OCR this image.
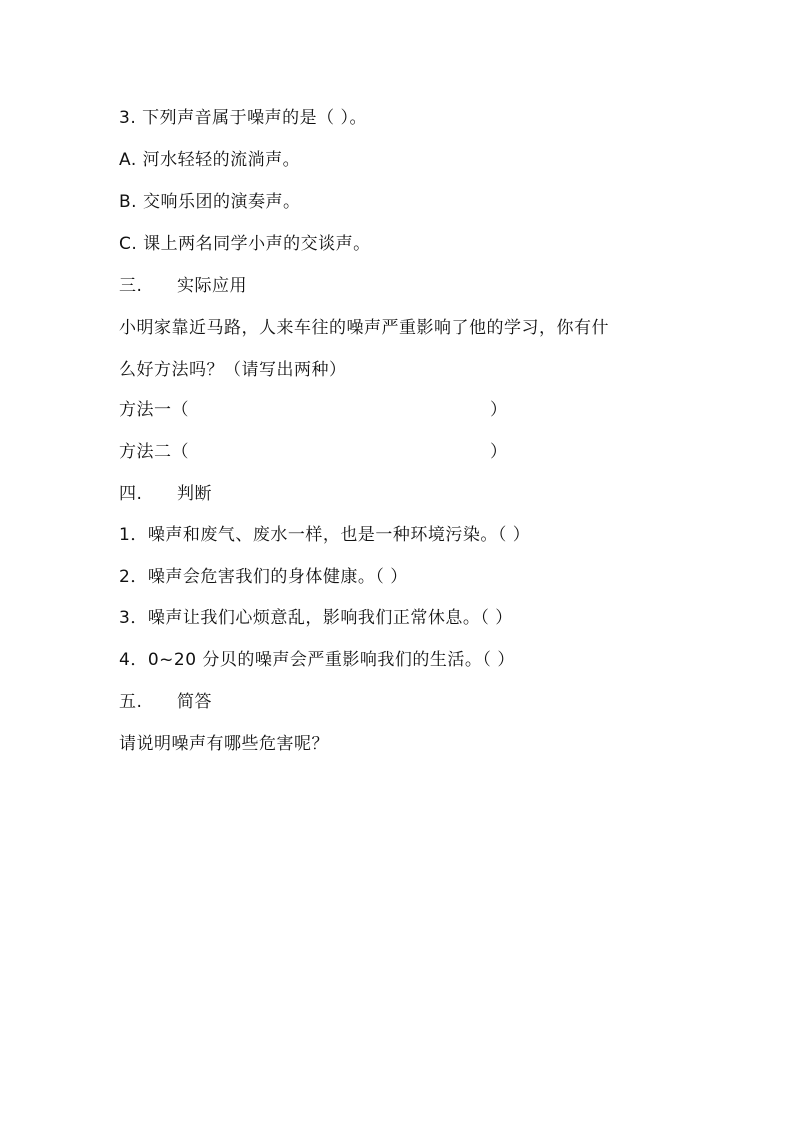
3. 下列声音属于噪声的是（ ）。
A. 河水轻轻的流淌声。
B. 交响乐团的演奏声。
C. 课上两名同学小声的交谈声。
三. 实际应用
小明家靠近马路，人来车往的噪声严重影响了他的学习，你有什
么好方法吗？（请写出两种）
方法一（	）
方法二（	）
四. 判断
1．噪声和废气、废水一样，也是一种环境污染。（ ）
2．噪声会危害我们的身体健康。（ ）
3．噪声让我们心烦意乱，影响我们正常休息。（ ）
4．0~20 分贝的噪声会严重影响我们的生活。（ ）
五. 简答
请说明噪声有哪些危害呢？
